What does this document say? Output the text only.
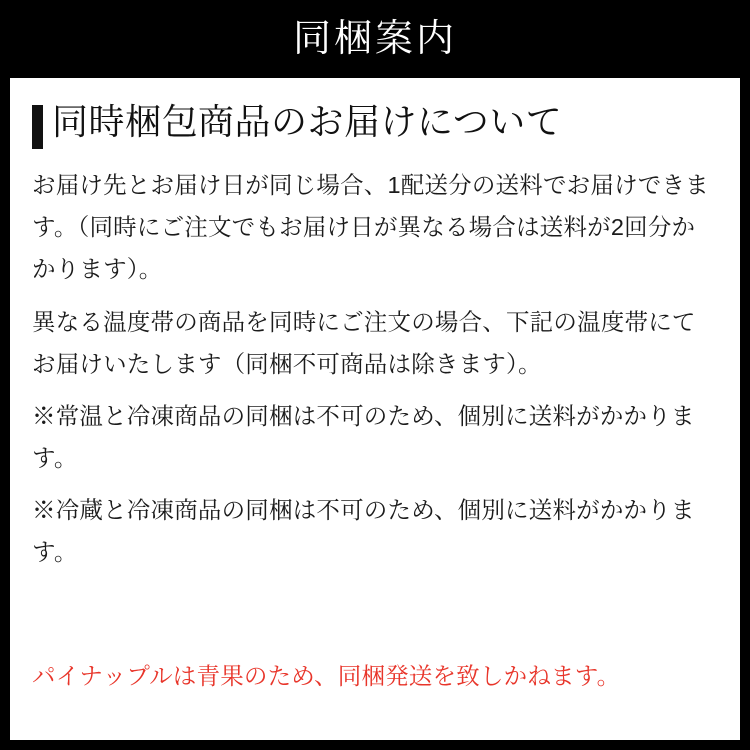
同梱案内
同時梱包商品のお届けについて

お届け先とお届け日が同じ場合、1配送分の送料でお届けできます。（同時にご注文でもお届け日が異なる場合は送料が2回分かかります）。

異なる温度帯の商品を同時にご注文の場合、下記の温度帯にてお届けいたします（同梱不可商品は除きます）。

※常温と冷凍商品の同梱は不可のため、個別に送料がかかります。

※冷蔵と冷凍商品の同梱は不可のため、個別に送料がかかります。

パイナップルは青果のため、同梱発送を致しかねます。
